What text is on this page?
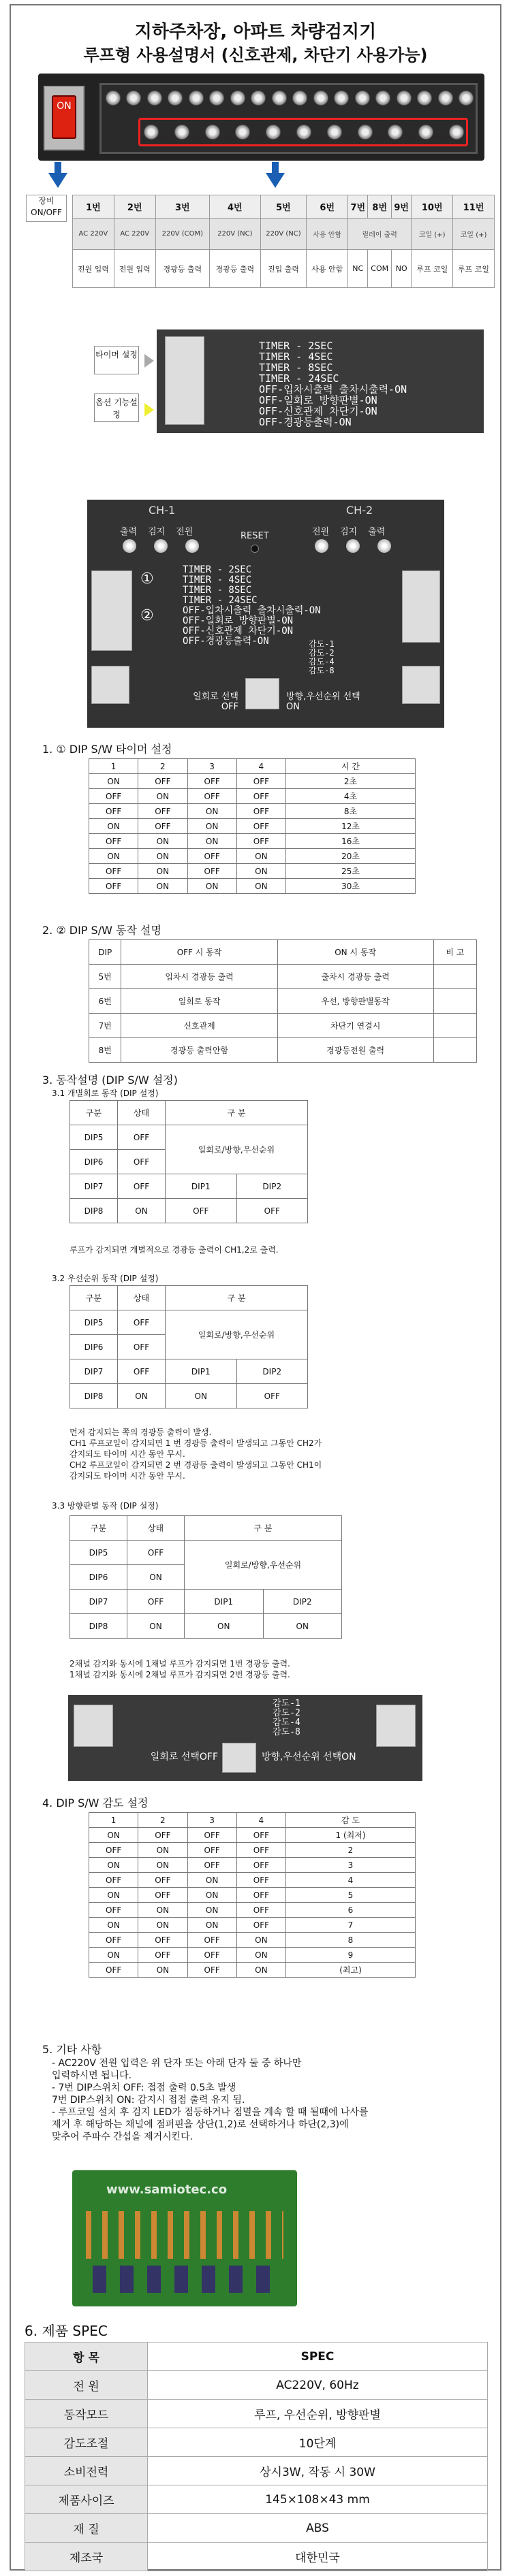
지하주차장, 아파트 차량검지기
루프형 사용설명서 (신호관제, 차단기 사용가능)
ON
장비 ON/OFF	1번	2번	3번	4번	5번	6번	7번	8번	9번	10번	11번
AC 220V	AC 220V	220V (COM)	220V (NC)	220V (NC)	사용 안함	릴레이 출력			코일 (+)	코일 (+)
전원 입력	전원 입력	경광등 출력	경광등 출력	진입 출력	사용 안함	NC	COM	NO	루프 코일	루프 코일
타이머 설정
옵션 기능설정
TIMER - 2SEC
TIMER - 4SEC
TIMER - 8SEC
TIMER - 24SEC
OFF-입차시출력 출차시출력-ON
OFF-일회로 방향판별-ON
OFF-신호관제 차단기-ON
OFF-경광등출력-ON
CH-1	CH-2
출력 검지 전원	전원 검지 출력
RESET
①
②
TIMER - 2SEC
TIMER - 4SEC
TIMER - 8SEC
TIMER - 24SEC
OFF-입차시출력 출차시출력-ON
OFF-일회로 방향판별-ON
OFF-신호관제 차단기-ON
OFF-경광등출력-ON
일회로 선택OFF
방향,우선순위 선택ON
감도-1
감도-2
감도-4
감도-8
1. ① DIP S/W 타이머 설정
1	2	3	4	시 간
ON	OFF	OFF	OFF	2초
OFF	ON	OFF	OFF	4초
OFF	OFF	ON	OFF	8초
ON	OFF	ON	OFF	12초
OFF	ON	ON	OFF	16초
ON	ON	OFF	ON	20초
OFF	ON	OFF	ON	25초
OFF	ON	ON	ON	30초
2. ② DIP S/W 동작 설명
DIP	OFF 시 동작	ON 시 동작	비 고
5번	입차시 경광등 출력	출차시 경광등 출력	
6번	일회로 동작	우선, 방향판별동작	
7번	신호관제	차단기 연결시	
8번	경광등 출력안함	경광등전원 출력	
3. 동작설명 (DIP S/W 설정)
3.1 개별회로 동작 (DIP 설정)
구분	상태	구 분	
DIP5	OFF	일회로/방향,우선순위	
DIP6	OFF		
DIP7	OFF	DIP1	DIP2
DIP8	ON	OFF	OFF
루프가 감지되면 개별적으로 경광등 출력이 CH1,2로 출력.
3.2 우선순위 동작 (DIP 설정)
구분	상태	구 분	
DIP5	OFF	일회로/방향,우선순위	
DIP6	OFF		
DIP7	OFF	DIP1	DIP2
DIP8	ON	ON	OFF
먼저 감지되는 쪽의 경광등 출력이 발생.
CH1 루프코일이 감지되면 1 번 경광등 출력이 발생되고 그동안 CH2가
감지되도 타이머 시간 동안 무시.
CH2 루프코일이 감지되면 2 번 경광등 출력이 발생되고 그동안 CH1이
감지되도 타이머 시간 동안 무시.
3.3 방향판별 동작 (DIP 설정)
구분	상태	구 분	
DIP5	OFF	일회로/방향,우선순위	
DIP6	ON		
DIP7	OFF	DIP1	DIP2
DIP8	ON	ON	ON
2채널 감지와 동시에 1채널 루프가 감지되면 1번 경광등 출력.
1채널 감지와 동시에 2채널 루프가 감지되면 2번 경광등 출력.
감도-1
감도-2
감도-4
감도-8
일회로 선택OFF	방향,우선순위 선택ON
4. DIP S/W 감도 설정
1	2	3	4	감 도
ON	OFF	OFF	OFF	1 (최저)
OFF	ON	OFF	OFF	2
ON	ON	OFF	OFF	3
OFF	OFF	ON	OFF	4
ON	OFF	ON	OFF	5
OFF	ON	ON	OFF	6
ON	ON	ON	OFF	7
OFF	OFF	OFF	ON	8
ON	OFF	OFF	ON	9
OFF	ON	OFF	ON	(최고)
5. 기타 사항
- AC220V 전원 입력은 위 단자 또는 아래 단자 둘 중 하나만
입력하시면 됩니다.
- 7번 DIP스위치 OFF: 접점 출력 0.5초 발생
7번 DIP스위치 ON: 감지시 접점 출력 유지 됨.
- 루프코일 설치 후 검지 LED가 점등하거나 점멸을 계속 할 때 될때에 나사를
제거 후 해당하는 채널에 점퍼핀을 상단(1,2)로 선택하거나 하단(2,3)에
맞추어 주파수 간섭을 제거시킨다.
www.samiotec.co
6. 제품 SPEC
항 목	SPEC
전 원	AC220V, 60Hz
동작모드	루프, 우선순위, 방향판별
감도조절	10단계
소비전력	상시3W, 작동 시 30W
제품사이즈	145×108×43 mm
재 질	ABS
제조국	대한민국
